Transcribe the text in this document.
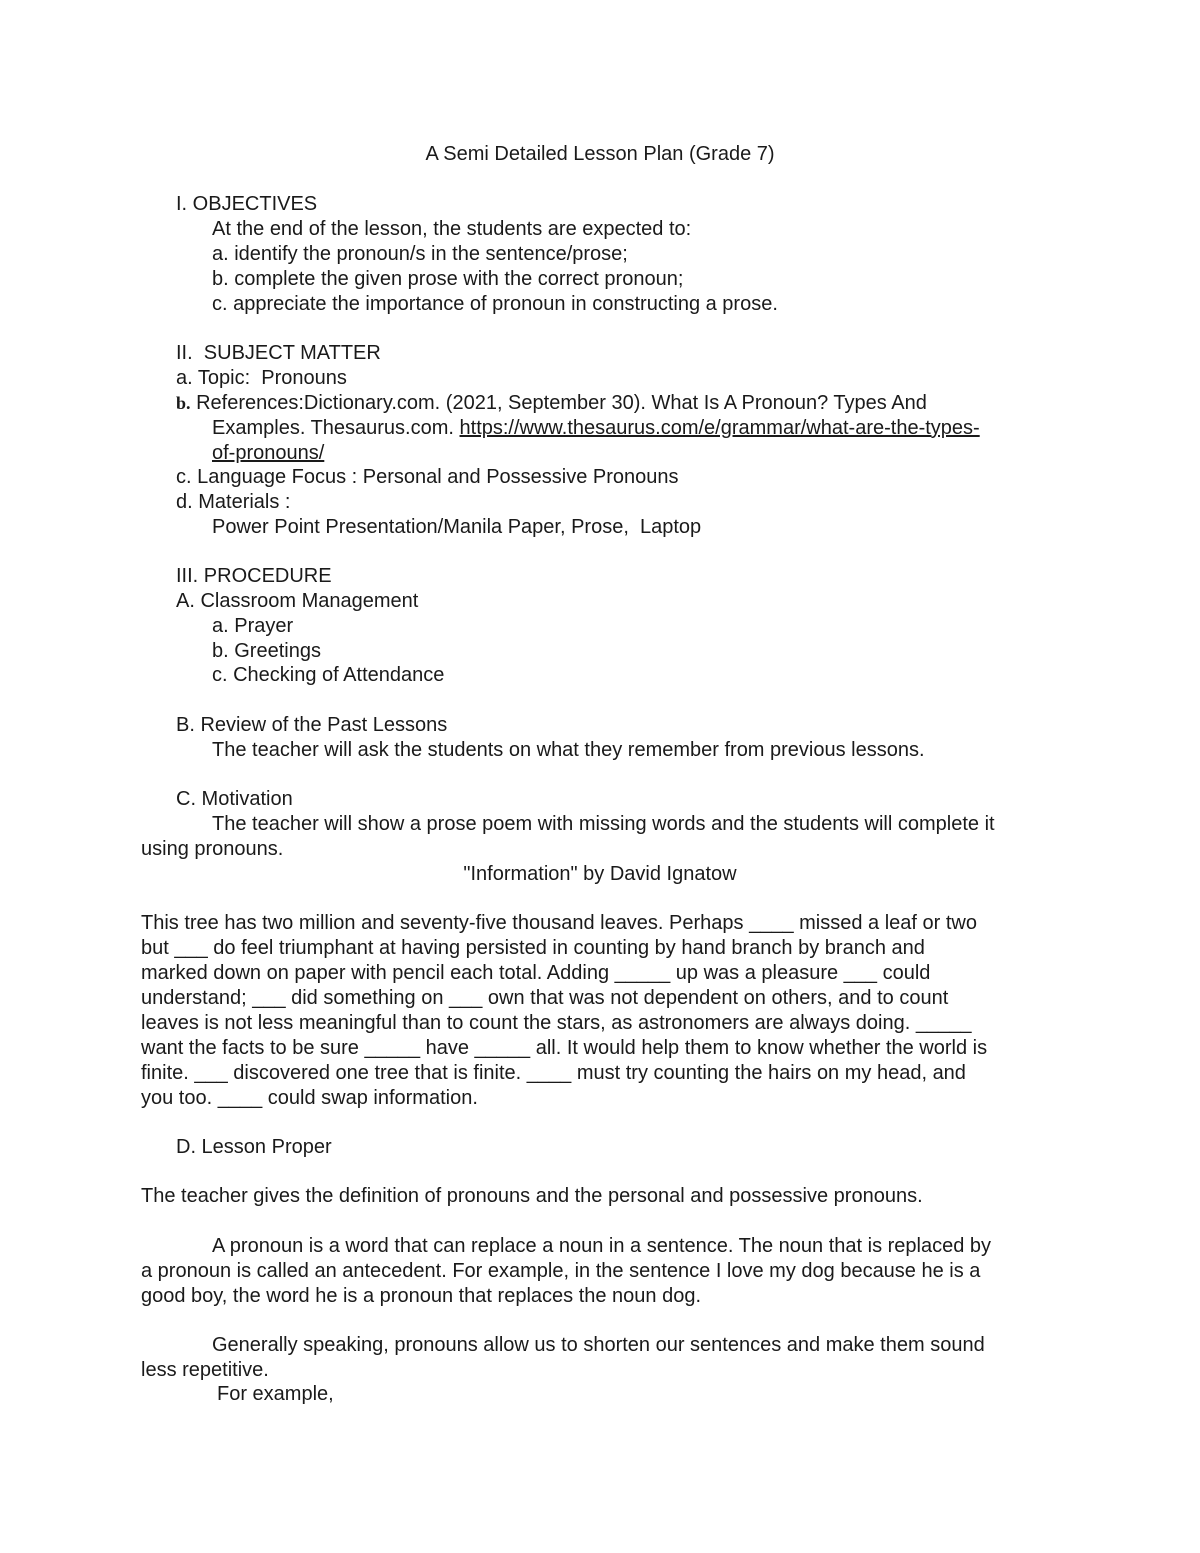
A Semi Detailed Lesson Plan (Grade 7)
I. OBJECTIVES
At the end of the lesson, the students are expected to:
a. identify the pronoun/s in the sentence/prose;
b. complete the given prose with the correct pronoun;
c. appreciate the importance of pronoun in constructing a prose.
II.  SUBJECT MATTER
a. Topic:  Pronouns
b. References:Dictionary.com. (2021, September 30). What Is A Pronoun? Types And
Examples. Thesaurus.com. https://www.thesaurus.com/e/grammar/what-are-the-types-
of-pronouns/
c. Language Focus : Personal and Possessive Pronouns
d. Materials :
Power Point Presentation/Manila Paper, Prose,  Laptop
III. PROCEDURE
A. Classroom Management
a. Prayer
b. Greetings
c. Checking of Attendance
B. Review of the Past Lessons
The teacher will ask the students on what they remember from previous lessons.
C. Motivation
The teacher will show a prose poem with missing words and the students will complete it
using pronouns.
"Information" by David Ignatow
This tree has two million and seventy-five thousand leaves. Perhaps ____ missed a leaf or two
but ___ do feel triumphant at having persisted in counting by hand branch by branch and
marked down on paper with pencil each total. Adding _____ up was a pleasure ___ could
understand; ___ did something on ___ own that was not dependent on others, and to count
leaves is not less meaningful than to count the stars, as astronomers are always doing. _____
want the facts to be sure _____ have _____ all. It would help them to know whether the world is
finite. ___ discovered one tree that is finite. ____ must try counting the hairs on my head, and
you too. ____ could swap information.
D. Lesson Proper
The teacher gives the definition of pronouns and the personal and possessive pronouns.
A pronoun is a word that can replace a noun in a sentence. The noun that is replaced by
a pronoun is called an antecedent. For example, in the sentence I love my dog because he is a
good boy, the word he is a pronoun that replaces the noun dog.
Generally speaking, pronouns allow us to shorten our sentences and make them sound
less repetitive.
For example,
